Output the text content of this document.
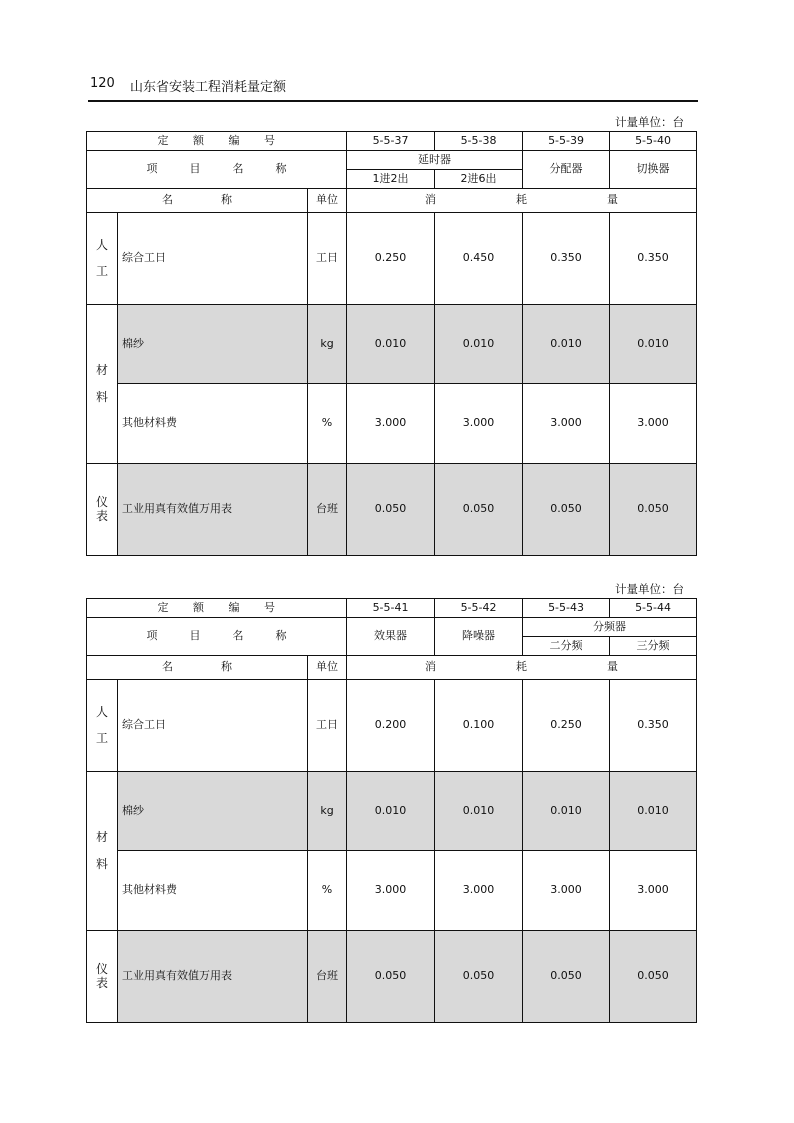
120 山东省安装工程消耗量定额
计量单位：台
定 额 编 号			5-5-37	5-5-38	5-5-39	5-5-40
项 目 名 称			延时器		分配器	切换器
			1进2出	2进6出		
名 称		单位	消 耗 量			
人

工	综合工日	工日	0.250	0.450	0.350	0.350
材

料	棉纱	kg	0.010	0.010	0.010	0.010
	其他材料费	%	3.000	3.000	3.000	3.000
仪
表	工业用真有效值万用表	台班	0.050	0.050	0.050	0.050
计量单位：台
定 额 编 号			5-5-41	5-5-42	5-5-43	5-5-44
项 目 名 称			效果器	降噪器	分频器	
					二分频	三分频
名 称		单位	消 耗 量			
人

工	综合工日	工日	0.200	0.100	0.250	0.350
材

料	棉纱	kg	0.010	0.010	0.010	0.010
	其他材料费	%	3.000	3.000	3.000	3.000
仪
表	工业用真有效值万用表	台班	0.050	0.050	0.050	0.050
